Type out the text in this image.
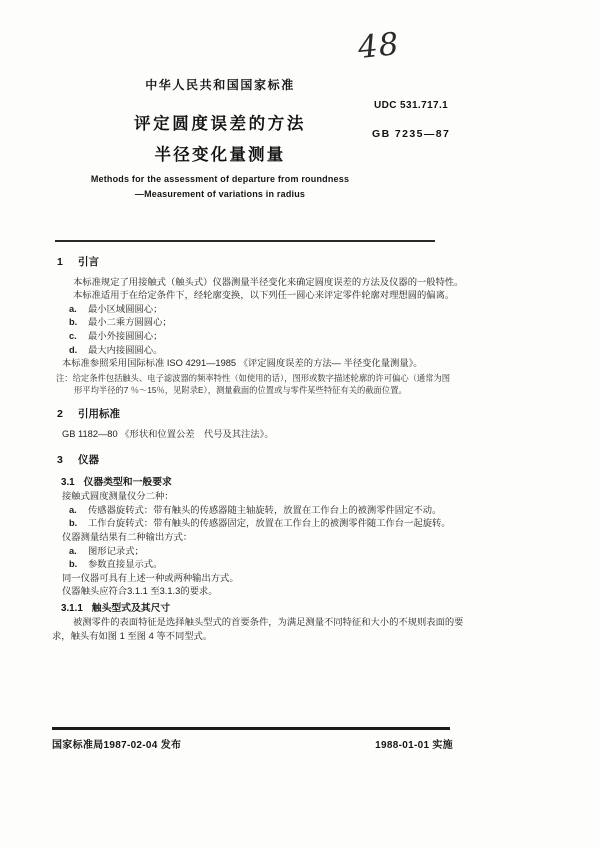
48
中华人民共和国国家标准
UDC 531.717.1
评定圆度误差的方法
GB 7235—87
半径变化量测量
Methods for the assessment of departure from roundness
—Measurement of variations in radius
1 引言
本标准规定了用接触式（触头式）仪器测量半径变化来确定圆度误差的方法及仪器的一般特性。
本标准适用于在给定条件下，经轮廓变换，以下列任一圆心来评定零件轮廓对理想圆的偏离。
a. 最小区域圆圆心；
b. 最小二乘方圆圆心；
c. 最小外接圆圆心；
d. 最大内接圆圆心。
本标准参照采用国际标准 ISO 4291—1985 《评定圆度误差的方法— 半径变化量测量》。
注：给定条件包括触头、电子滤波器的频率特性（如使用的话），图形或数字描述轮廓的许可偏心（通常为图
形平均半径的7 ％～15％，见附录E），测量截面的位置或与零件某些特征有关的截面位置。
2 引用标准
GB 1182—80 《形状和位置公差　代号及其注法》。
3 仪器
3.1 仪器类型和一般要求
接触式圆度测量仪分二种：
a. 传感器旋转式：带有触头的传感器随主轴旋转，放置在工作台上的被测零件固定不动。
b. 工作台旋转式：带有触头的传感器固定，放置在工作台上的被测零件随工作台一起旋转。
仪器测量结果有二种输出方式：
a. 图形记录式；
b. 参数直接显示式。
同一仪器可具有上述一种或两种输出方式。
仪器触头应符合3.1.1 至3.1.3的要求。
3.1.1 触头型式及其尺寸
被测零件的表面特征是选择触头型式的首要条件，为满足测量不同特征和大小的不规则表面的要
求，触头有如图 1 至图 4 等不同型式。
国家标准局1987-02-04 发布	1988-01-01 实施
